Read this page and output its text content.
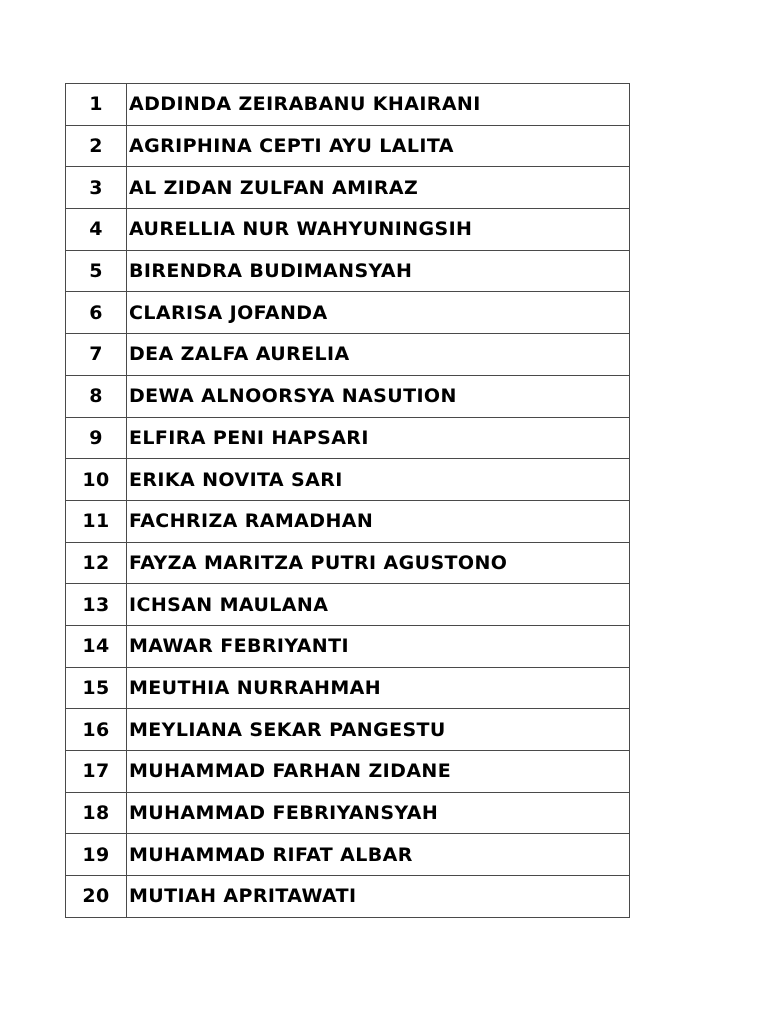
1	ADDINDA ZEIRABANU KHAIRANI
2	AGRIPHINA CEPTI AYU LALITA
3	AL ZIDAN ZULFAN AMIRAZ
4	AURELLIA NUR WAHYUNINGSIH
5	BIRENDRA BUDIMANSYAH
6	CLARISA JOFANDA
7	DEA ZALFA AURELIA
8	DEWA ALNOORSYA NASUTION
9	ELFIRA PENI HAPSARI
10	ERIKA NOVITA SARI
11	FACHRIZA RAMADHAN
12	FAYZA MARITZA PUTRI AGUSTONO
13	ICHSAN MAULANA
14	MAWAR FEBRIYANTI
15	MEUTHIA NURRAHMAH
16	MEYLIANA SEKAR PANGESTU
17	MUHAMMAD FARHAN ZIDANE
18	MUHAMMAD FEBRIYANSYAH
19	MUHAMMAD RIFAT ALBAR
20	MUTIAH APRITAWATI
